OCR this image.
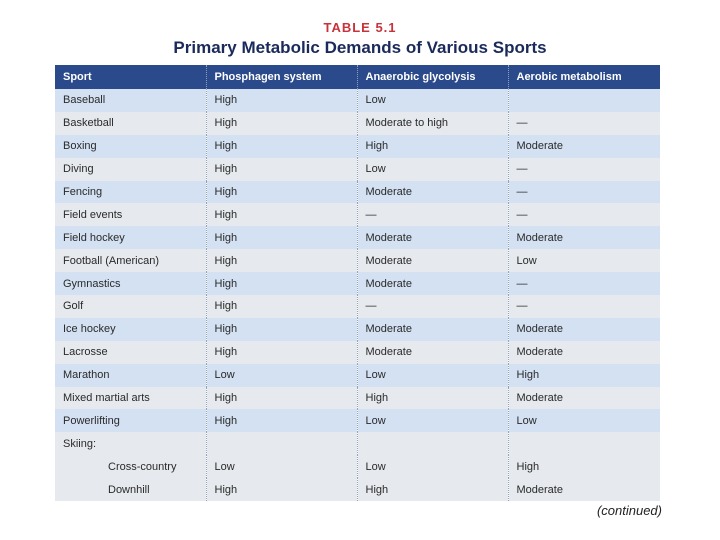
TABLE 5.1
Primary Metabolic Demands of Various Sports
Sport	Phosphagen system	Anaerobic glycolysis	Aerobic metabolism
Baseball	High	Low	
Basketball	High	Moderate to high	—
Boxing	High	High	Moderate
Diving	High	Low	—
Fencing	High	Moderate	—
Field events	High	—	—
Field hockey	High	Moderate	Moderate
Football (American)	High	Moderate	Low
Gymnastics	High	Moderate	—
Golf	High	—	—
Ice hockey	High	Moderate	Moderate
Lacrosse	High	Moderate	Moderate
Marathon	Low	Low	High
Mixed martial arts	High	High	Moderate
Powerlifting	High	Low	Low
Skiing:			
Cross-country	Low	Low	High
Downhill	High	High	Moderate
(continued)
